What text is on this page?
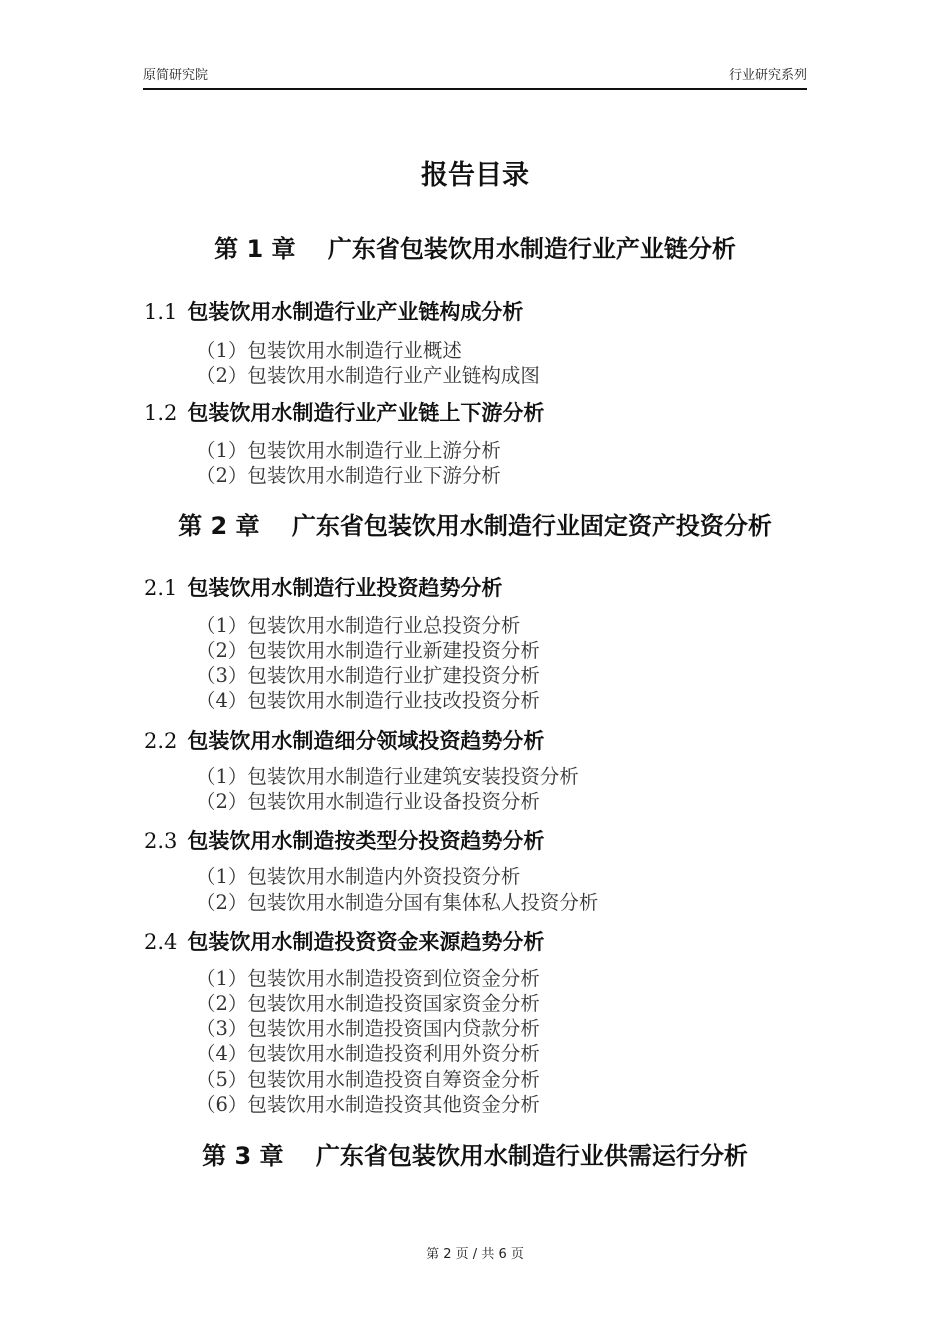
原简研究院	行业研究系列
报告目录
第 1 章　 广东省包装饮用水制造行业产业链分析
1.1 包装饮用水制造行业产业链构成分析
（1）包装饮用水制造行业概述
（2）包装饮用水制造行业产业链构成图
1.2 包装饮用水制造行业产业链上下游分析
（1）包装饮用水制造行业上游分析
（2）包装饮用水制造行业下游分析
第 2 章　 广东省包装饮用水制造行业固定资产投资分析
2.1 包装饮用水制造行业投资趋势分析
（1）包装饮用水制造行业总投资分析
（2）包装饮用水制造行业新建投资分析
（3）包装饮用水制造行业扩建投资分析
（4）包装饮用水制造行业技改投资分析
2.2 包装饮用水制造细分领域投资趋势分析
（1）包装饮用水制造行业建筑安装投资分析
（2）包装饮用水制造行业设备投资分析
2.3 包装饮用水制造按类型分投资趋势分析
（1）包装饮用水制造内外资投资分析
（2）包装饮用水制造分国有集体私人投资分析
2.4 包装饮用水制造投资资金来源趋势分析
（1）包装饮用水制造投资到位资金分析
（2）包装饮用水制造投资国家资金分析
（3）包装饮用水制造投资国内贷款分析
（4）包装饮用水制造投资利用外资分析
（5）包装饮用水制造投资自筹资金分析
（6）包装饮用水制造投资其他资金分析
第 3 章　 广东省包装饮用水制造行业供需运行分析
第 2 页 / 共 6 页
